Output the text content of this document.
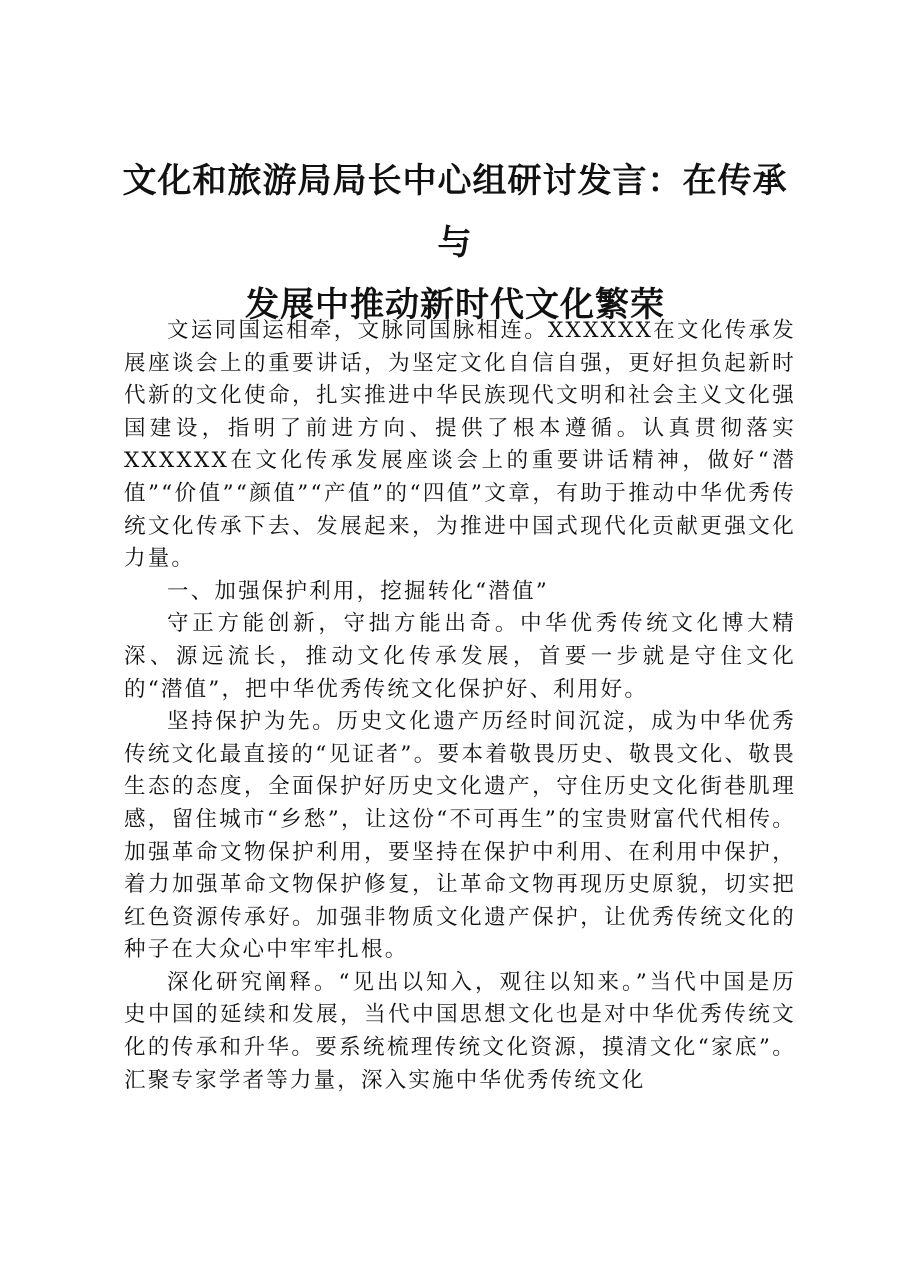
文化和旅游局局长中心组研讨发言：在传承与
发展中推动新时代文化繁荣

文运同国运相牵，文脉同国脉相连。XXXXXX在文化传承发展座谈会上的重要讲话，为坚定文化自信自强，更好担负起新时代新的文化使命，扎实推进中华民族现代文明和社会主义文化强国建设，指明了前进方向、提供了根本遵循。认真贯彻落实XXXXXX在文化传承发展座谈会上的重要讲话精神，做好“潜值”“价值”“颜值”“产值”的“四值”文章，有助于推动中华优秀传统文化传承下去、发展起来，为推进中国式现代化贡献更强文化力量。

一、加强保护利用，挖掘转化“潜值”

守正方能创新，守拙方能出奇。中华优秀传统文化博大精深、源远流长，推动文化传承发展，首要一步就是守住文化的“潜值”，把中华优秀传统文化保护好、利用好。

坚持保护为先。历史文化遗产历经时间沉淀，成为中华优秀传统文化最直接的“见证者”。要本着敬畏历史、敬畏文化、敬畏生态的态度，全面保护好历史文化遗产，守住历史文化街巷肌理感，留住城市“乡愁”，让这份“不可再生”的宝贵财富代代相传。加强革命文物保护利用，要坚持在保护中利用、在利用中保护，着力加强革命文物保护修复，让革命文物再现历史原貌，切实把红色资源传承好。加强非物质文化遗产保护，让优秀传统文化的种子在大众心中牢牢扎根。

深化研究阐释。“见出以知入，观往以知来。”当代中国是历史中国的延续和发展，当代中国思想文化也是对中华优秀传统文化的传承和升华。要系统梳理传统文化资源，摸清文化“家底”。汇聚专家学者等力量，深入实施中华优秀传统文化
